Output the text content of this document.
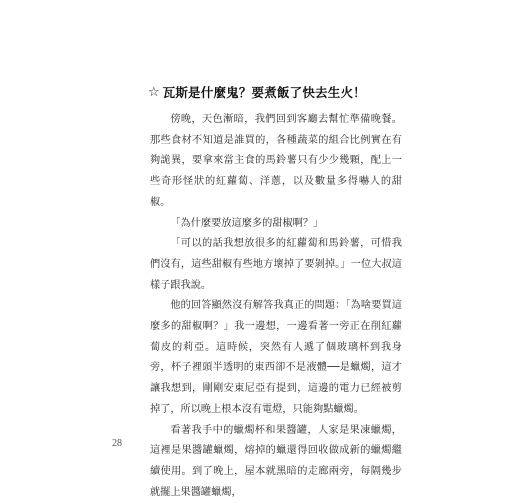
☆ 瓦斯是什麼鬼？要煮飯了快去生火！

傍晚，天色漸暗，我們回到客廳去幫忙準備晚餐。那些食材不知道是誰買的，各種蔬菜的組合比例實在有夠詭異，要拿來當主食的馬鈴薯只有少少幾顆，配上一些奇形怪狀的紅蘿蔔、洋蔥，以及數量多得嚇人的甜椒。

「為什麼要放這麼多的甜椒啊？」

「可以的話我想放很多的紅蘿蔔和馬鈴薯，可惜我們沒有，這些甜椒有些地方壞掉了要剝掉。」一位大叔這樣子跟我說。

他的回答顯然沒有解答我真正的問題：「為啥要買這麼多的甜椒啊？」我一邊想，一邊看著一旁正在削紅蘿蔔皮的莉亞。這時候，突然有人遞了個玻璃杯到我身旁，杯子裡頭半透明的東西卻不是液體──是蠟燭，這才讓我想到，剛剛安東尼亞有提到，這邊的電力已經被剪掉了，所以晚上根本沒有電燈，只能夠點蠟燭。

看著我手中的蠟燭杯和果醬罐，人家是果凍蠟燭，這裡是果醬罐蠟燭，熔掉的蠟還得回收做成新的蠟燭繼續使用。到了晚上，屋本就黑暗的走廊兩旁，每隔幾步就擺上果醬罐蠟燭，

28
